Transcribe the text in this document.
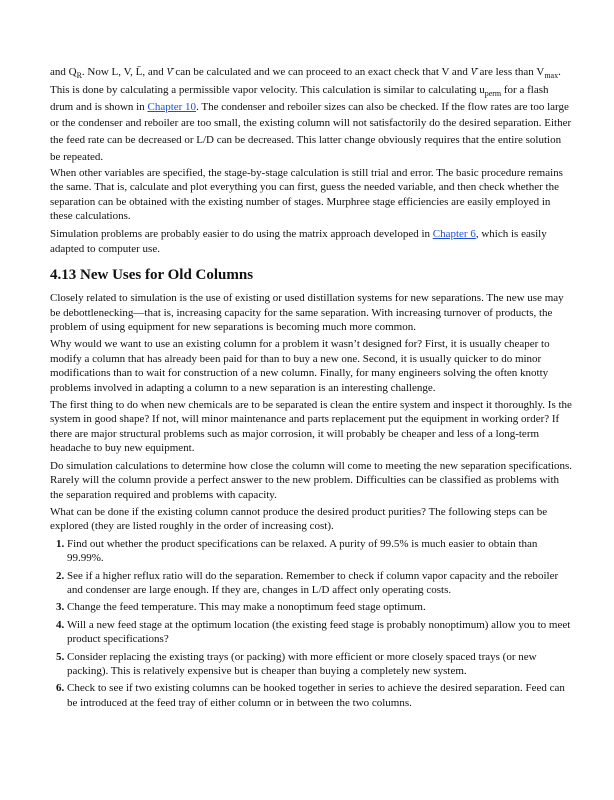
and $Q_R$. Now L, V, L, and V̄ can be calculated and we can proceed to an exact check that V and V̄ are less than $V_{max}$. This is done by calculating a permissible vapor velocity. This calculation is similar to calculating $u_{perm}$ for a flash drum and is shown in Chapter 10. The condenser and reboiler sizes can also be checked. If the flow rates are too large or the condenser and reboiler are too small, the existing column will not satisfactorily do the desired separation. Either the feed rate can be decreased or L/D can be decreased. This latter change obviously requires that the entire solution be repeated.

When other variables are specified, the stage-by-stage calculation is still trial and error. The basic procedure remains the same. That is, calculate and plot everything you can first, guess the needed variable, and then check whether the separation can be obtained with the existing number of stages. Murphree stage efficiencies are easily employed in these calculations.

Simulation problems are probably easier to do using the matrix approach developed in Chapter 6, which is easily adapted to computer use.

4.13 New Uses for Old Columns

Closely related to simulation is the use of existing or used distillation systems for new separations. The new use may be debottlenecking—that is, increasing capacity for the same separation. With increasing turnover of products, the problem of using equipment for new separations is becoming much more common.

Why would we want to use an existing column for a problem it wasn’t designed for? First, it is usually cheaper to modify a column that has already been paid for than to buy a new one. Second, it is usually quicker to do minor modifications than to wait for construction of a new column. Finally, for many engineers solving the often knotty problems involved in adapting a column to a new separation is an interesting challenge.

The first thing to do when new chemicals are to be separated is clean the entire system and inspect it thoroughly. Is the system in good shape? If not, will minor maintenance and parts replacement put the equipment in working order? If there are major structural problems such as major corrosion, it will probably be cheaper and less of a long-term headache to buy new equipment.

Do simulation calculations to determine how close the column will come to meeting the new separation specifications. Rarely will the column provide a perfect answer to the new problem. Difficulties can be classified as problems with the separation required and problems with capacity.

What can be done if the existing column cannot produce the desired product purities? The following steps can be explored (they are listed roughly in the order of increasing cost).

1. Find out whether the product specifications can be relaxed. A purity of 99.5% is much easier to obtain than 99.99%.
2. See if a higher reflux ratio will do the separation. Remember to check if column vapor capacity and the reboiler and condenser are large enough. If they are, changes in L/D affect only operating costs.
3. Change the feed temperature. This may make a nonoptimum feed stage optimum.
4. Will a new feed stage at the optimum location (the existing feed stage is probably nonoptimum) allow you to meet product specifications?
5. Consider replacing the existing trays (or packing) with more efficient or more closely spaced trays (or new packing). This is relatively expensive but is cheaper than buying a completely new system.
6. Check to see if two existing columns can be hooked together in series to achieve the desired separation. Feed can be introduced at the feed tray of either column or in between the two columns.
